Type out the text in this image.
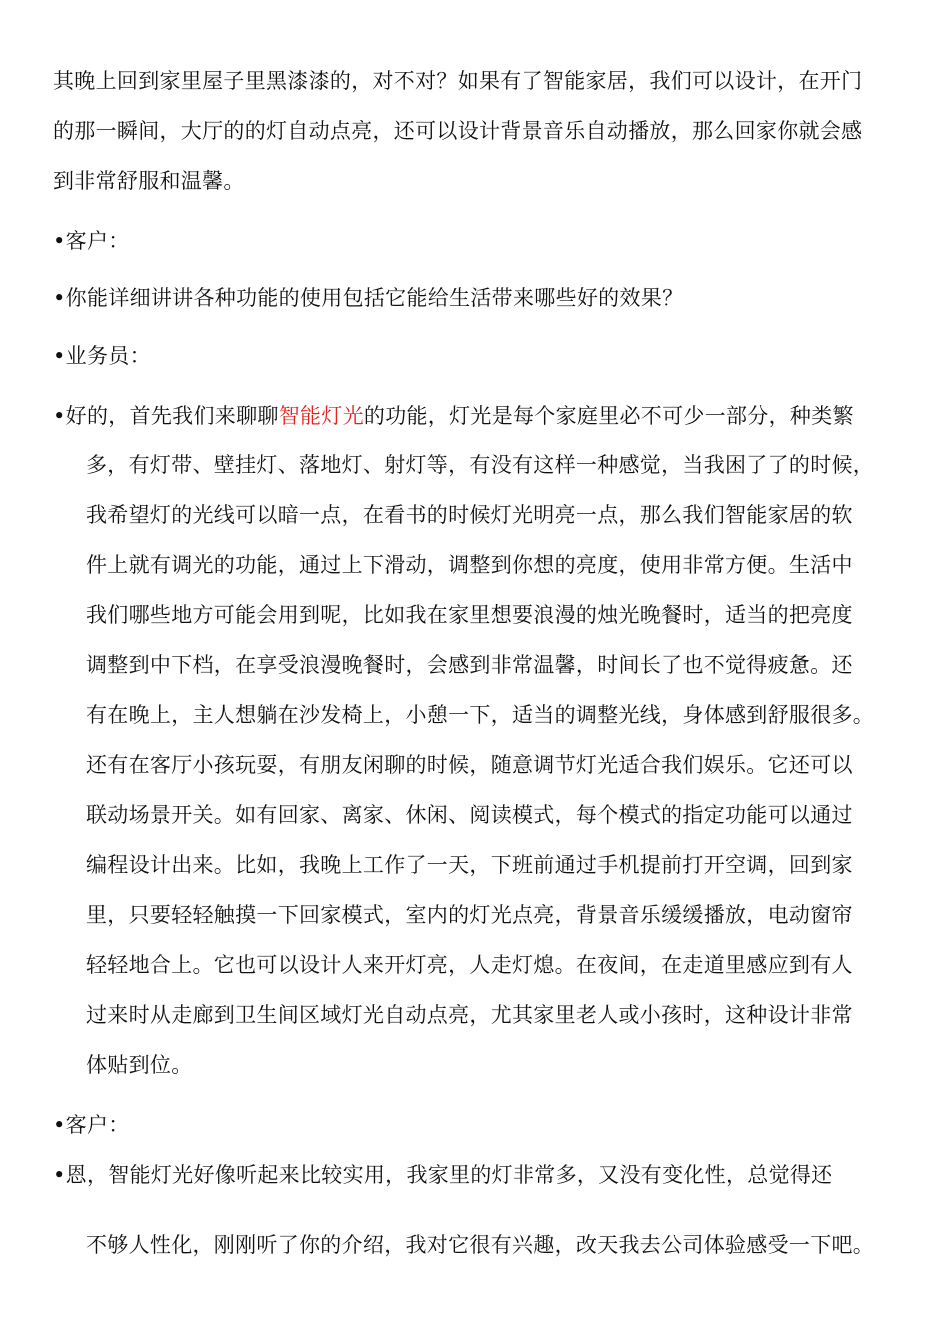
其晚上回到家里屋子里黑漆漆的，对不对？如果有了智能家居，我们可以设计，在开门
的那一瞬间，大厅的的灯自动点亮，还可以设计背景音乐自动播放，那么回家你就会感
到非常舒服和温馨。
•客户：
•你能详细讲讲各种功能的使用包括它能给生活带来哪些好的效果？
•业务员：
•好的，首先我们来聊聊智能灯光的功能，灯光是每个家庭里必不可少一部分，种类繁
多，有灯带、壁挂灯、落地灯、射灯等，有没有这样一种感觉，当我困了了的时候，
我希望灯的光线可以暗一点，在看书的时候灯光明亮一点，那么我们智能家居的软
件上就有调光的功能，通过上下滑动，调整到你想的亮度，使用非常方便。生活中
我们哪些地方可能会用到呢，比如我在家里想要浪漫的烛光晚餐时，适当的把亮度
调整到中下档，在享受浪漫晚餐时，会感到非常温馨，时间长了也不觉得疲惫。还
有在晚上，主人想躺在沙发椅上，小憩一下，适当的调整光线，身体感到舒服很多。
还有在客厅小孩玩耍，有朋友闲聊的时候，随意调节灯光适合我们娱乐。它还可以
联动场景开关。如有回家、离家、休闲、阅读模式，每个模式的指定功能可以通过
编程设计出来。比如，我晚上工作了一天，下班前通过手机提前打开空调，回到家
里，只要轻轻触摸一下回家模式，室内的灯光点亮，背景音乐缓缓播放，电动窗帘
轻轻地合上。它也可以设计人来开灯亮，人走灯熄。在夜间，在走道里感应到有人
过来时从走廊到卫生间区域灯光自动点亮，尤其家里老人或小孩时，这种设计非常
体贴到位。
•客户：
•恩，智能灯光好像听起来比较实用，我家里的灯非常多，又没有变化性，总觉得还
不够人性化，刚刚听了你的介绍，我对它很有兴趣，改天我去公司体验感受一下吧。
